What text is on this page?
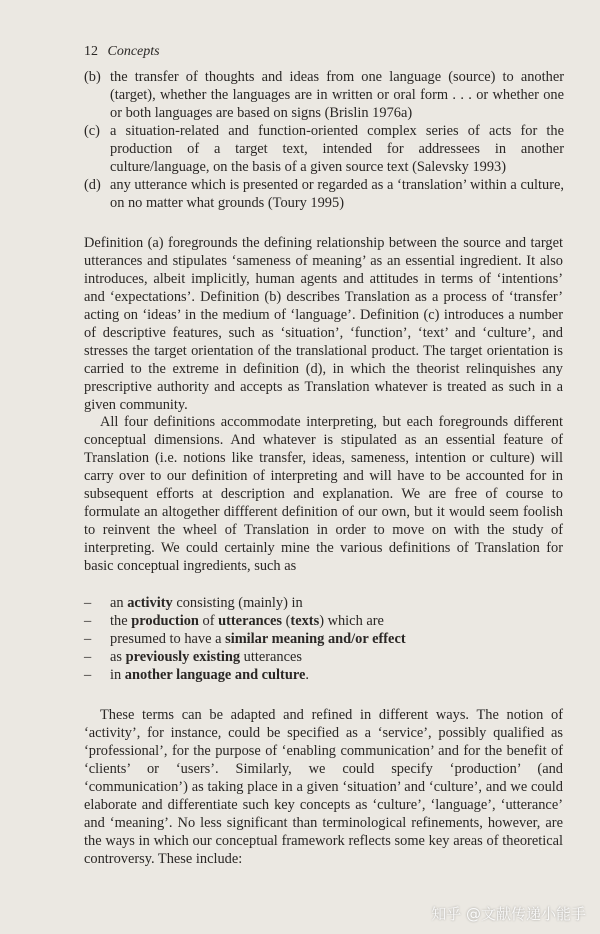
12 Concepts
(b) the transfer of thoughts and ideas from one language (source) to another (target), whether the languages are in written or oral form . . . or whether one or both languages are based on signs (Brislin 1976a)
(c) a situation-related and function-oriented complex series of acts for the production of a target text, intended for addressees in another culture/language, on the basis of a given source text (Salevsky 1993)
(d) any utterance which is presented or regarded as a ‘translation’ within a culture, on no matter what grounds (Toury 1995)

Definition (a) foregrounds the defining relationship between the source and target utterances and stipulates ‘sameness of meaning’ as an essential ingredient. It also introduces, albeit implicitly, human agents and attitudes in terms of ‘intentions’ and ‘expectations’. Definition (b) describes Translation as a process of ‘transfer’ acting on ‘ideas’ in the medium of ‘language’. Definition (c) introduces a number of descriptive features, such as ‘situation’, ‘function’, ‘text’ and ‘culture’, and stresses the target orientation of the translational product. The target orientation is carried to the extreme in definition (d), in which the theorist relinquishes any prescriptive authority and accepts as Translation whatever is treated as such in a given community.

All four definitions accommodate interpreting, but each foregrounds different conceptual dimensions. And whatever is stipulated as an essential feature of Translation (i.e. notions like transfer, ideas, sameness, intention or culture) will carry over to our definition of interpreting and will have to be accounted for in subsequent efforts at description and explanation. We are free of course to formulate an altogether diffferent definition of our own, but it would seem foolish to reinvent the wheel of Translation in order to move on with the study of interpreting. We could certainly mine the various definitions of Translation for basic conceptual ingredients, such as

–	an activity consisting (mainly) in
–	the production of utterances (texts) which are
–	presumed to have a similar meaning and/or effect
–	as previously existing utterances
–	in another language and culture.

These terms can be adapted and refined in different ways. The notion of ‘activity’, for instance, could be specified as a ‘service’, possibly qualified as ‘professional’, for the purpose of ‘enabling communication’ and for the benefit of ‘clients’ or ‘users’. Similarly, we could specify ‘production’ (and ‘communication’) as taking place in a given ‘situation’ and ‘culture’, and we could elaborate and differentiate such key concepts as ‘culture’, ‘language’, ‘utterance’ and ‘meaning’. No less significant than terminological refinements, however, are the ways in which our conceptual framework reflects some key areas of theoretical controversy. These include:

知乎 @文献传递小能手
